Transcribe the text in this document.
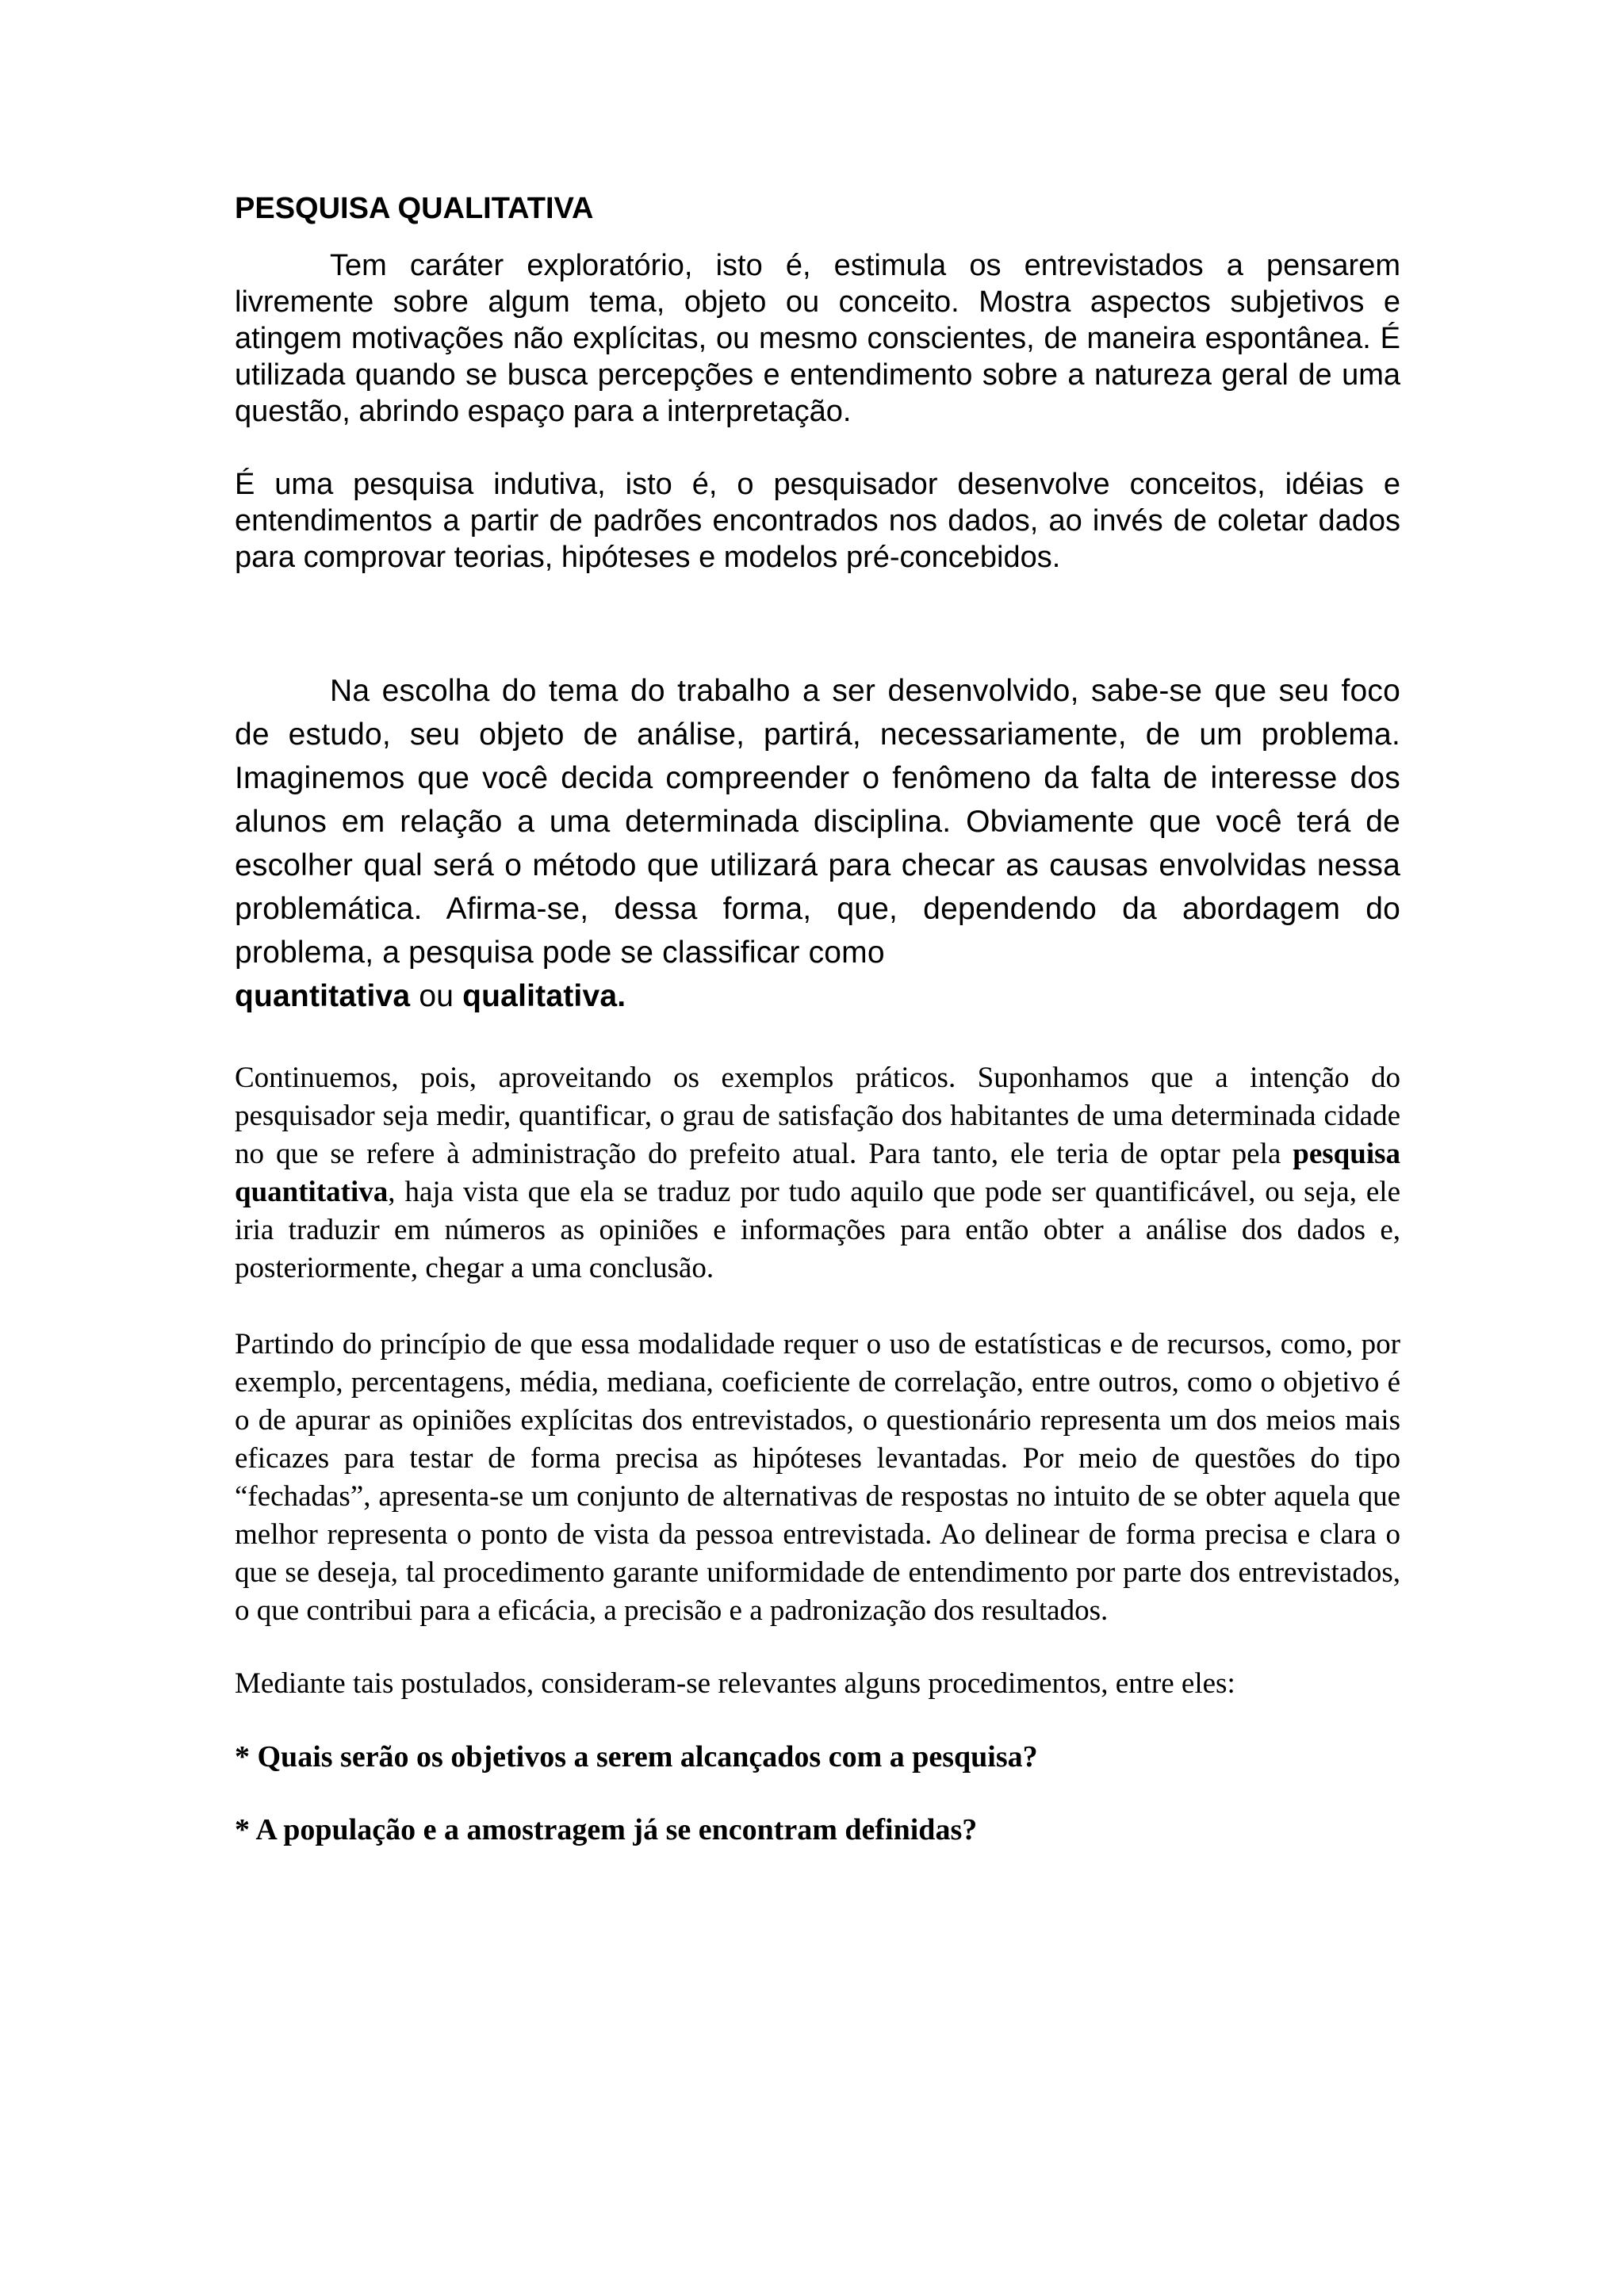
PESQUISA QUALITATIVA

Tem caráter exploratório, isto é, estimula os entrevistados a pensarem livremente sobre algum tema, objeto ou conceito. Mostra aspectos subjetivos e atingem motivações não explícitas, ou mesmo conscientes, de maneira espontânea. É utilizada quando se busca percepções e entendimento sobre a natureza geral de uma questão, abrindo espaço para a interpretação.

É uma pesquisa indutiva, isto é, o pesquisador desenvolve conceitos, idéias e entendimentos a partir de padrões encontrados nos dados, ao invés de coletar dados para comprovar teorias, hipóteses e modelos pré-concebidos.

Na escolha do tema do trabalho a ser desenvolvido, sabe-se que seu foco de estudo, seu objeto de análise, partirá, necessariamente, de um problema. Imaginemos que você decida compreender o fenômeno da falta de interesse dos alunos em relação a uma determinada disciplina. Obviamente que você terá de escolher qual será o método que utilizará para checar as causas envolvidas nessa problemática. Afirma-se, dessa forma, que, dependendo da abordagem do problema, a pesquisa pode se classificar como
quantitativa ou qualitativa.

Continuemos, pois, aproveitando os exemplos práticos. Suponhamos que a intenção do pesquisador seja medir, quantificar, o grau de satisfação dos habitantes de uma determinada cidade no que se refere à administração do prefeito atual. Para tanto, ele teria de optar pela pesquisa quantitativa, haja vista que ela se traduz por tudo aquilo que pode ser quantificável, ou seja, ele iria traduzir em números as opiniões e informações para então obter a análise dos dados e, posteriormente, chegar a uma conclusão.

Partindo do princípio de que essa modalidade requer o uso de estatísticas e de recursos, como, por exemplo, percentagens, média, mediana, coeficiente de correlação, entre outros, como o objetivo é o de apurar as opiniões explícitas dos entrevistados, o questionário representa um dos meios mais eficazes para testar de forma precisa as hipóteses levantadas. Por meio de questões do tipo “fechadas”, apresenta-se um conjunto de alternativas de respostas no intuito de se obter aquela que melhor representa o ponto de vista da pessoa entrevistada. Ao delinear de forma precisa e clara o que se deseja, tal procedimento garante uniformidade de entendimento por parte dos entrevistados, o que contribui para a eficácia, a precisão e a padronização dos resultados.

Mediante tais postulados, consideram-se relevantes alguns procedimentos, entre eles:

* Quais serão os objetivos a serem alcançados com a pesquisa?

* A população e a amostragem já se encontram definidas?
